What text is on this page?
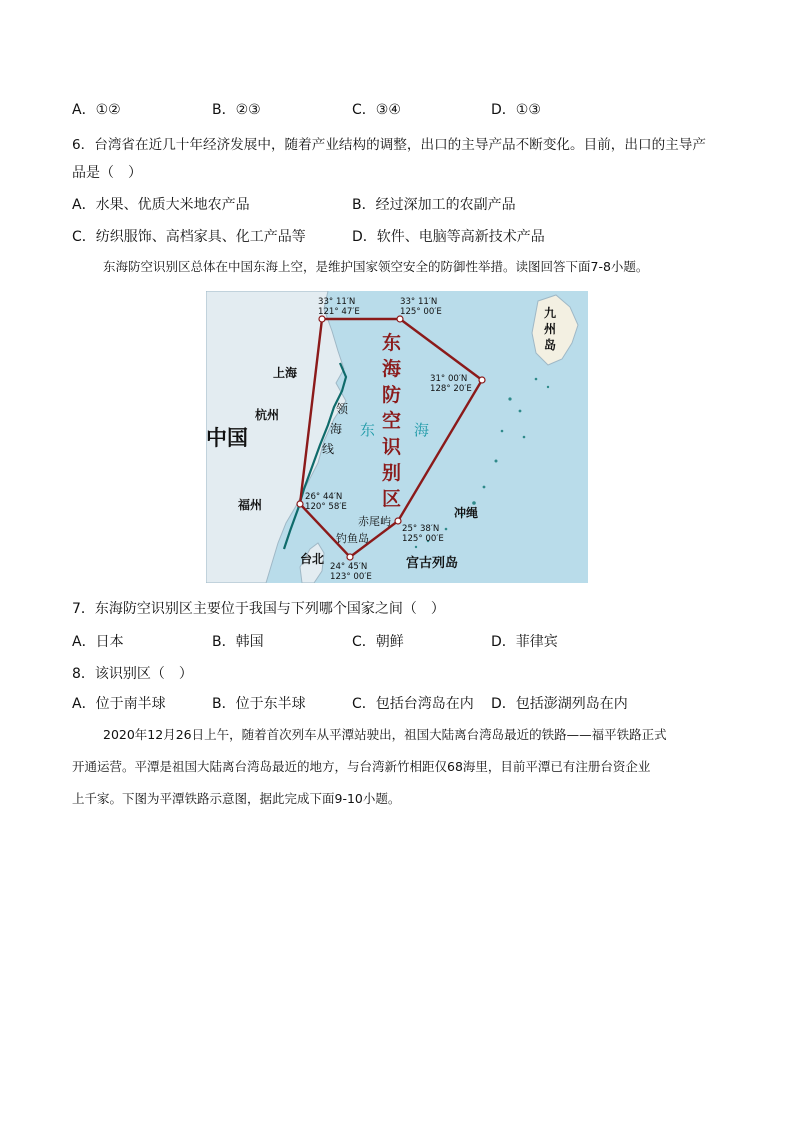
A．①②	B．②③	C．③④	D．①③
6．台湾省在近几十年经济发展中，随着产业结构的调整，出口的主导产品不断变化。目前，出口的主导产
品是（　）
A．水果、优质大米地农产品	B．经过深加工的农副产品
C．纺织服饰、高档家具、化工产品等	D．软件、电脑等高新技术产品
东海防空识别区总体在中国东海上空，是维护国家领空安全的防御性举措。读图回答下面7-8小题。
中国
上海
杭州
福州
台北
领
海
线
东	海
东
海
防
空
识
别
区
九
州
岛
冲绳
宫古列岛
赤尾屿
钓鱼岛
33° 11′N
121° 47′E
33° 11′N
125° 00′E
31° 00′N
128° 20′E
26° 44′N
120° 58′E
25° 38′N
125° 00′E
24° 45′N
123° 00′E
7．东海防空识别区主要位于我国与下列哪个国家之间（　）
A．日本	B．韩国	C．朝鲜	D．菲律宾
8．该识别区（　）
A．位于南半球	B．位于东半球	C．包括台湾岛在内 D．包括澎湖列岛在内
2020年12月26日上午，随着首次列车从平潭站驶出，祖国大陆离台湾岛最近的铁路——福平铁路正式
开通运营。平潭是祖国大陆离台湾岛最近的地方，与台湾新竹相距仅68海里，目前平潭已有注册台资企业
上千家。下图为平潭铁路示意图，据此完成下面9-10小题。
